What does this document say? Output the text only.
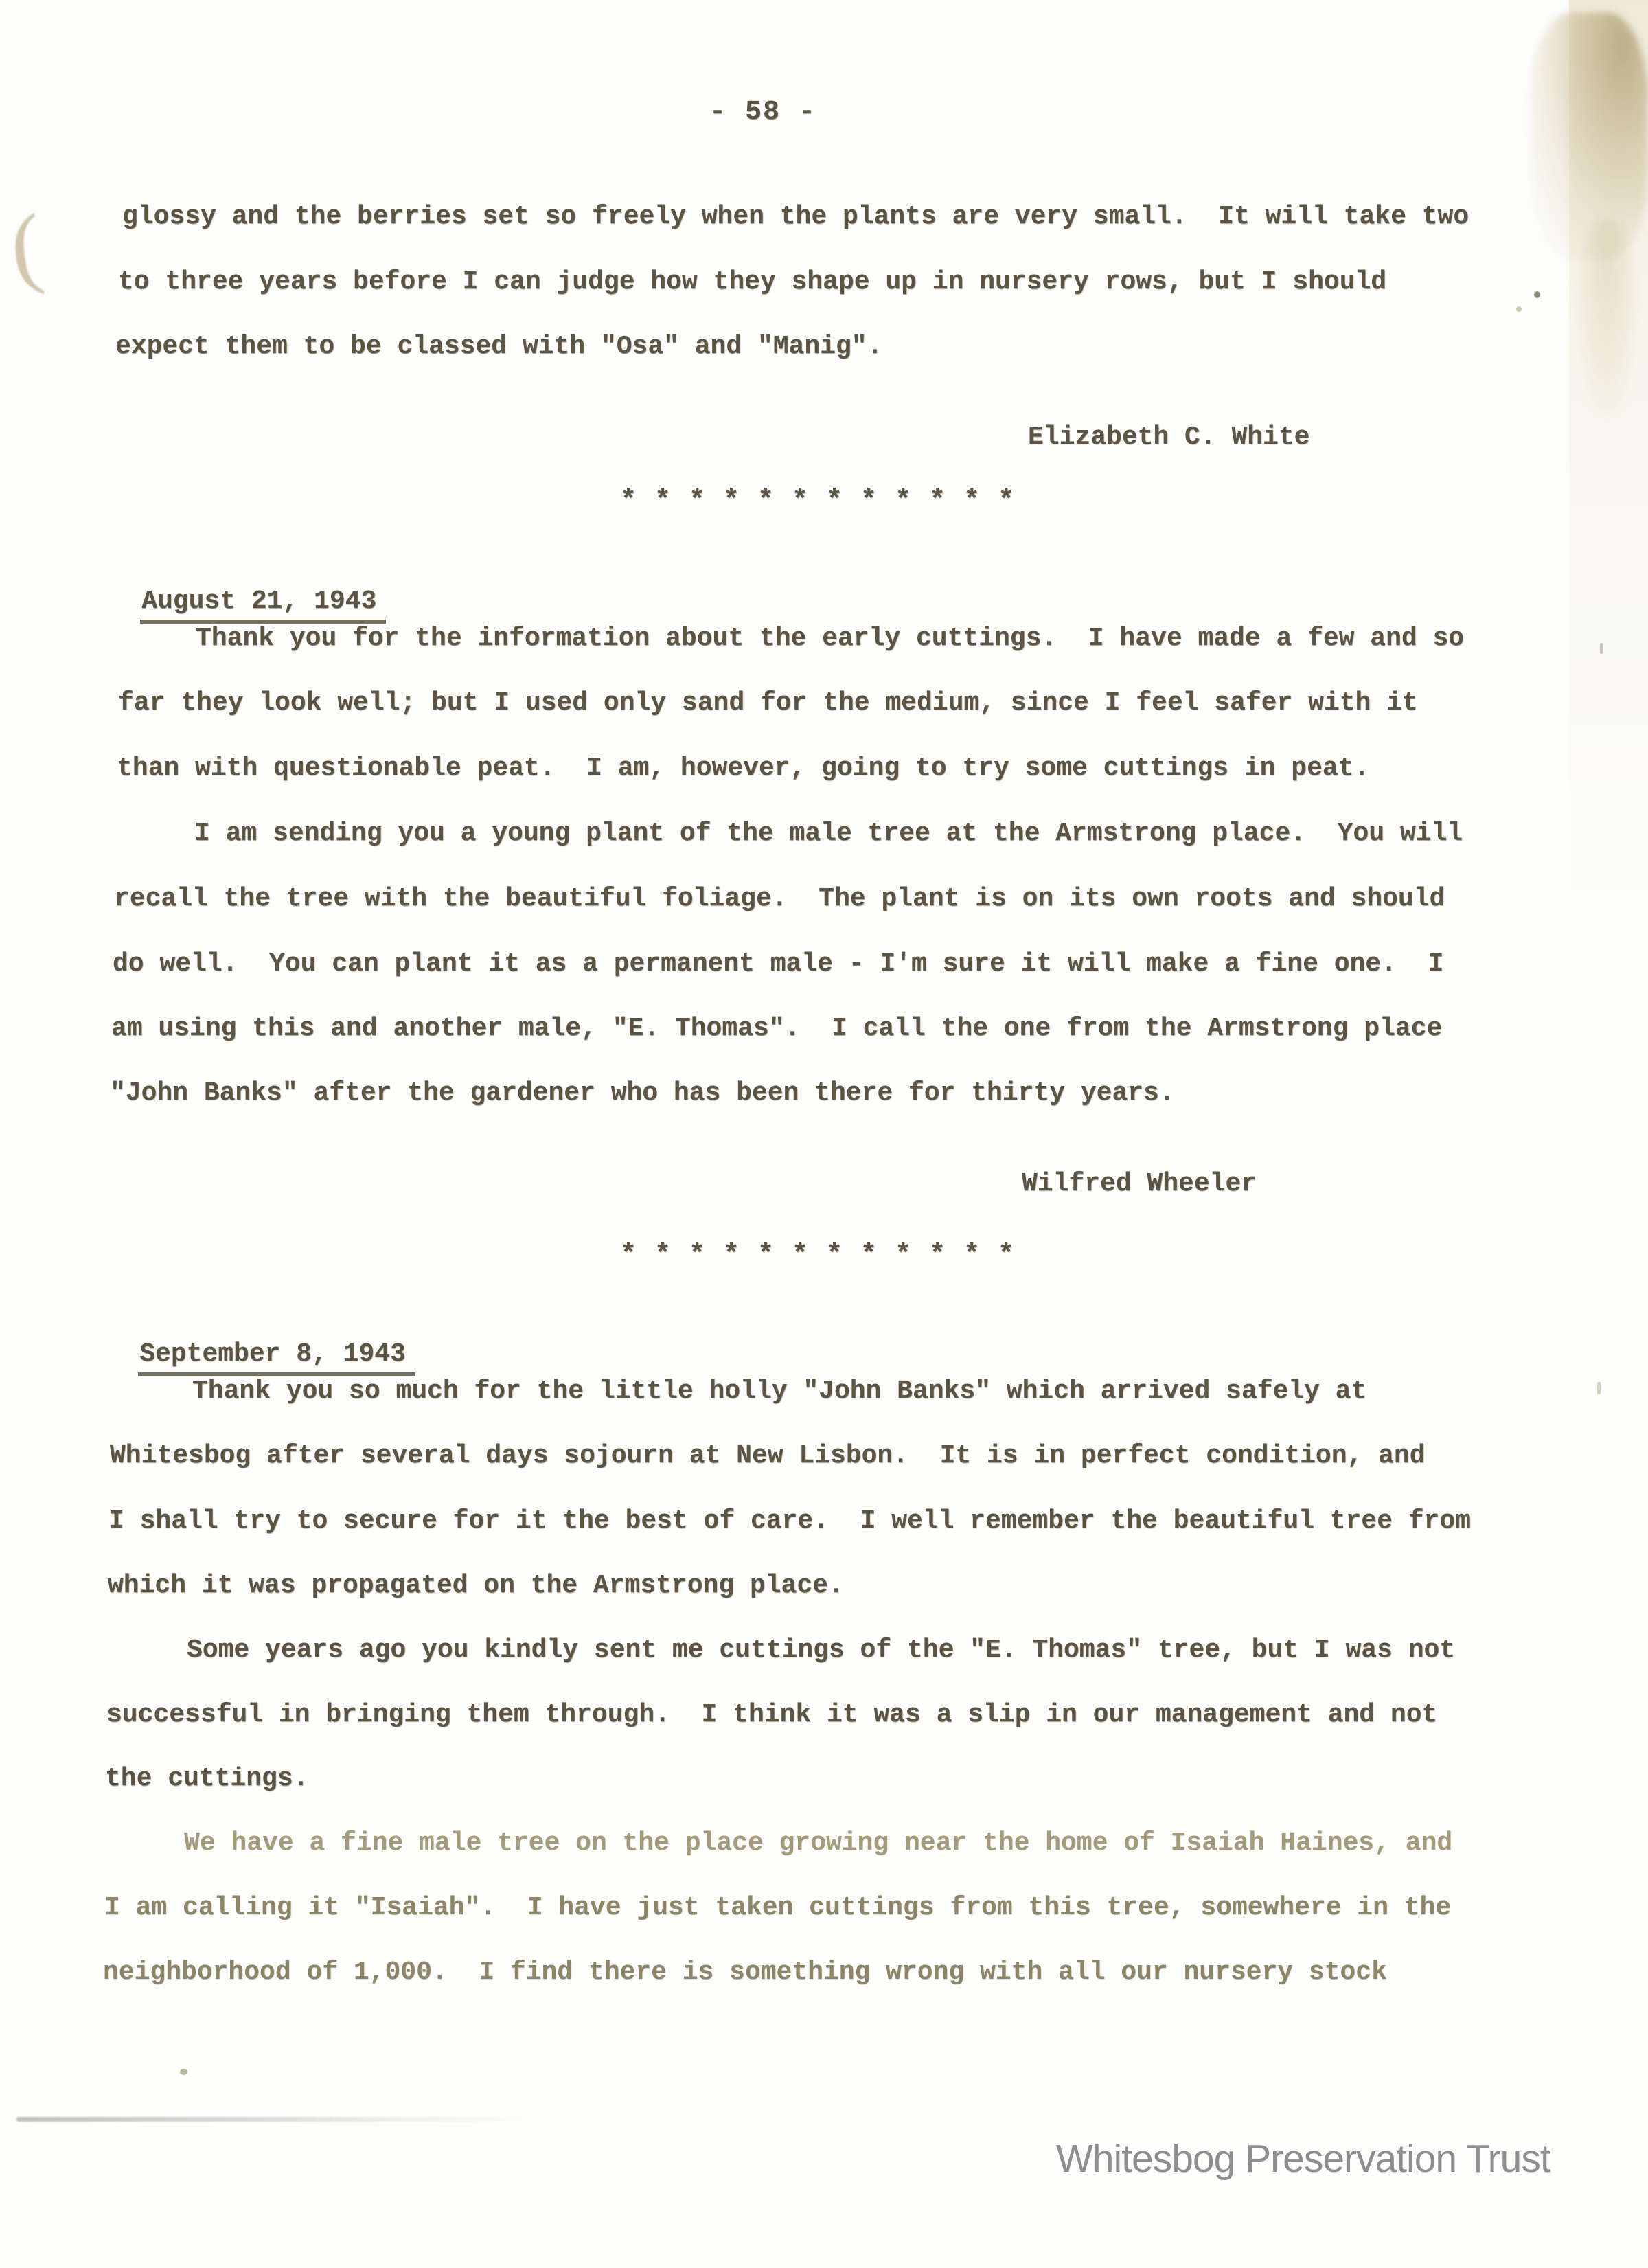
(
- 58 -
glossy and the berries set so freely when the plants are very small.  It will take two
to three years before I can judge how they shape up in nursery rows, but I should
expect them to be classed with "Osa" and "Manig".
Elizabeth C. White
* * * * * * * * * * * *

August 21, 1943

Thank you for the information about the early cuttings.  I have made a few and so
far they look well; but I used only sand for the medium, since I feel safer with it
than with questionable peat.  I am, however, going to try some cuttings in peat.
I am sending you a young plant of the male tree at the Armstrong place.  You will
recall the tree with the beautiful foliage.  The plant is on its own roots and should
do well.  You can plant it as a permanent male - I'm sure it will make a fine one.  I
am using this and another male, "E. Thomas".  I call the one from the Armstrong place
"John Banks" after the gardener who has been there for thirty years.
Wilfred Wheeler
* * * * * * * * * * * *

September 8, 1943

Thank you so much for the little holly "John Banks" which arrived safely at
Whitesbog after several days sojourn at New Lisbon.  It is in perfect condition, and
I shall try to secure for it the best of care.  I well remember the beautiful tree from
which it was propagated on the Armstrong place.
Some years ago you kindly sent me cuttings of the "E. Thomas" tree, but I was not
successful in bringing them through.  I think it was a slip in our management and not
the cuttings.
We have a fine male tree on the place growing near the home of Isaiah Haines, and
I am calling it "Isaiah".  I have just taken cuttings from this tree, somewhere in the
neighborhood of 1,000.  I find there is something wrong with all our nursery stock
Whitesbog Preservation Trust
